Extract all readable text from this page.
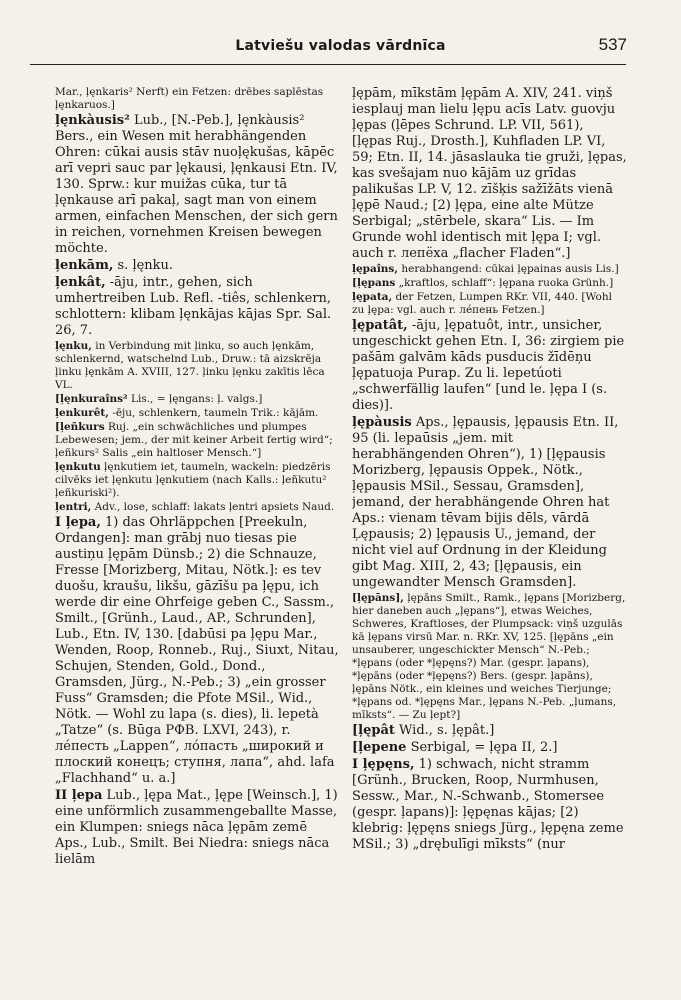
Latviešu valodas vārdnīca	537

Mar., ļęnkaris² Nerft) ein Fetzen: drēbes saplēstas ļęnkaruos.]

ļęnkàusis² Lub., [N.-Peb.], ļęnkàusis² Bers., ein Wesen mit herabhängenden Ohren: cūkai ausis stāv nuoļękušas, kāpēc arī vepri sauc par ļękausi, ļęnkausi Etn. IV, 130. Sprw.: kur muižas cūka, tur tā ļęnkause arī pakaļ, sagt man von einem armen, einfachen Menschen, der sich gern in reichen, vornehmen Kreisen bewegen möchte.

ļenkām, s. ļęnku.

ļenkât, -āju, intr., gehen, sich umhertreiben Lub. Refl. -tiês, schlenkern, schlottern: klibam ļęnkājas kājas Spr. Sal. 26, 7.

ļęnku, in Verbindung mit ļinku, so auch ļęnkām, schlenkernd, watschelnd Lub., Druw.: tā aizskrēja ļinku ļęnkām A. XVIII, 127. ļinku ļęnku zakītis lēca VL.

[ļęnkuraîns² Lis., = ļęngans: ļ. valgs.]

ļenkurêt, -ēju, schlenkern, taumeln Trik.: kājām.

[ļeñkurs Ruj. „ein schwächliches und plumpes Lebewesen; jem., der mit keiner Arbeit fertig wird“; ļeñkurs² Salis „ein haltloser Mensch.“]

ļęnkutu ļęnkutiem iet, taumeln, wackeln: piedzēris cilvēks iet ļęnkutu ļęnkutiem (nach Kalls.: ļeñkutu² ļeñkuriski²).

ļentri, Adv., lose, schlaff: lakats ļentri apsiets Naud.

I ļepa, 1) das Ohrläppchen [Preekuln, Ordangen]: man grābj nuo tiesas pie austiņu ļępām Dünsb.; 2) die Schnauze, Fresse [Morizberg, Mitau, Nötk.]: es tev duošu, kraušu, likšu, gāzīšu pa ļępu, ich werde dir eine Ohrfeige geben C., Sassm., Smilt., [Grünh., Laud., AP., Schrunden], Lub., Etn. IV, 130. [dabūsi pa ļępu Mar., Wenden, Roop, Ronneb., Ruj., Siuxt, Nitau, Schujen, Stenden, Gold., Dond., Gramsden, Jürg., N.-Peb.; 3) „ein grosser Fuss“ Gramsden; die Pfote MSil., Wid., Nötk. — Wohl zu lapa (s. dies), li. lepetà „Tatze“ (s. Būga PФВ. LXVI, 243), r. лéпесть „Lappen“, лóпасть „широкий и плоский конецъ; ступня, лапа“, ahd. lafa „Flachhand“ u. a.]

II ļepa Lub., ļępa Mat., ļęре [Weinsch.], 1) eine unförmlich zusammengeballte Masse, ein Klumpen: sniegs nāca ļępām zemē Aps., Lub., Smilt. Bei Niedra: sniegs nāca lielām

ļępām, mīkstām ļępām A. XIV, 241. viņš iesplauj man lielu ļępu acīs Latv. guovju ļępas (ļēpes Schrund. LP. VII, 561), [ļępas Ruj., Drosth.], Kuhfladen LP. VI, 59; Etn. II, 14. jāsaslauka tie gruži, ļępas, kas svešajam nuo kājām uz grīdas palikušas LP. V, 12. zīšķis sažīžāts vienā ļępē Naud.; [2) ļępa, eine alte Mütze Serbigal; „stērbele, skara“ Lis. — Im Grunde wohl identisch mit ļępa I; vgl. auch r. лепёха „flacher Fladen“.]

ļępaîns, herabhangend: cūkai ļępainas ausis Lis.]

[ļępans „kraftlos, schlaff“: ļępana ruoka Grünh.]

ļępata, der Fetzen, Lumpen RKr. VII, 440. [Wohl zu ļępa: vgl. auch r. лéпень Fetzen.]

ļępatât, -āju, ļępatuôt, intr., unsicher, ungeschickt gehen Etn. I, 36: zirgiem pie pašām galvām kāds pusducis žīdēņu ļępatuoja Purap. Zu li. lepetúoti „schwerfällig laufen“ [und le. ļępa I (s. dies)].

ļępàusis Aps., ļępausis, ļępausis Etn. II, 95 (li. lepaūsis „jem. mit herabhängenden Ohren“), 1) [ļępausis Morizberg, ļępausis Oppek., Nötk., ļępausis MSil., Sessau, Gramsden], jemand, der herabhängende Ohren hat Aps.: vienam tēvam bijis dēls, vārdā Ļępausis; 2) ļępausis U., jemand, der nicht viel auf Ordnung in der Kleidung gibt Mag. XIII, 2, 43; [ļępausis, ein ungewandter Mensch Gramsden].

[ļępāns], ļępāns Smilt., Ramk., ļępans [Morizberg, hier daneben auch „ļępans“], etwas Weiches, Schweres, Kraftloses, der Plumpsack: viņš uzgulās kā ļępans virsū Mar. n. RKr. XV, 125. [ļępāns „ein unsauberer, ungeschickter Mensch“ N.-Peb.; *ļępans (oder *ļępęns?) Mar. (gespr. ļapans), *ļępāns (oder *ļępęns?) Bers. (gespr. ļapāns), ļępāns Nötk., ein kleines und weiches Tierjunge; *ļępans od. *ļępęns Mar., ļępans N.-Peb. „ļumans, mīksts“. — Zu ļept?]

[ļępât Wid., s. ļępât.]

[ļepene Serbigal, = ļępa II, 2.]

I ļępęns, 1) schwach, nicht stramm [Grünh., Brucken, Roop, Nurmhusen, Sessw., Mar., N.-Schwanb., Stomersee (gespr. ļapans)]: ļępęnas kājas; [2) klebrig: ļępęns sniegs Jürg., ļępęna zeme MSil.; 3) „drębulīgi mīksts“ (nur
